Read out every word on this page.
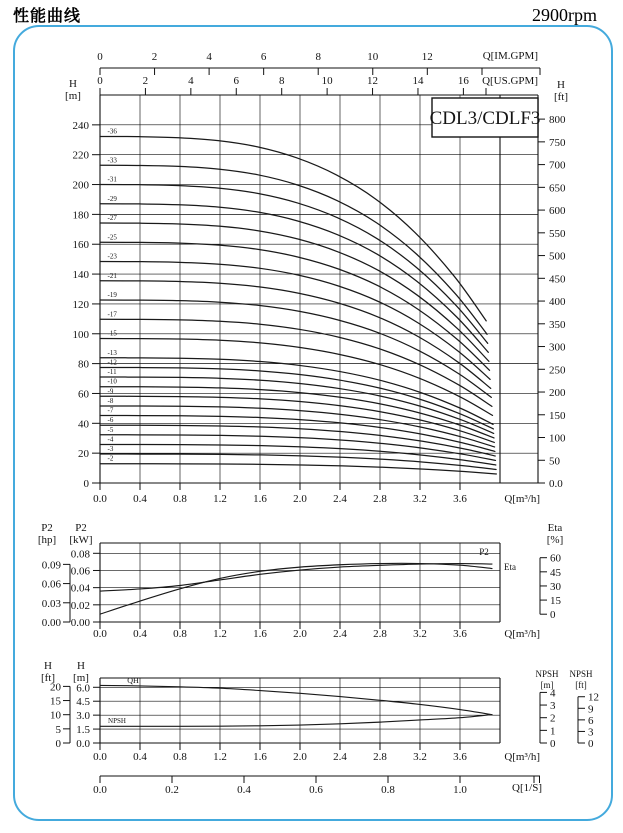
性能曲线	2900rpm
0
20
40
60
80
100
120
140
160
180
200
220
240
0.0
50
100
150
200
250
300
350
400
450
500
550
600
650
700
750
800
0.0 0.4 0.8 1.2 1.6 2.0 2.4 2.8 3.2 3.6
0	2	4	6	8	10	12	14	16
0	2	4	6	8	10	12
0.00
0.02
0.04
0.06
0.08
0.00
0.03
0.06
0.09
0
15
30
45
60
0.0 0.4 0.8 1.2 1.6 2.0 2.4 2.8 3.2 3.6
0.0
1.5
3.0
4.5
6.0
0
5
10
15
20
0
1
2
3
4
0
3
6
9
12
0.0 0.4 0.8 1.2 1.6 2.0 2.4 2.8 3.2 3.6
0.0	0.2	0.4	0.6	0.8	1.0
-2
-3
-4
-5
-6
-7
-8
-9
-10
-11
-12
-13
-15
-17
-19
-21
-23
-25
-27
-29
-31
-33
-36
Q[IM.GPM]
Q[US.GPM]
H
[m]
H
[ft]
CDL3/CDLF3
Q[m³/h]
P2
[hp]
P2
[kW]
Eta
[%]
P2
Eta
Q[m³/h]
H
[ft]
H
[m]	QH
NPSH
NPSH
[m]
NPSH
[ft]
Q[m³/h]
Q[1/S]
